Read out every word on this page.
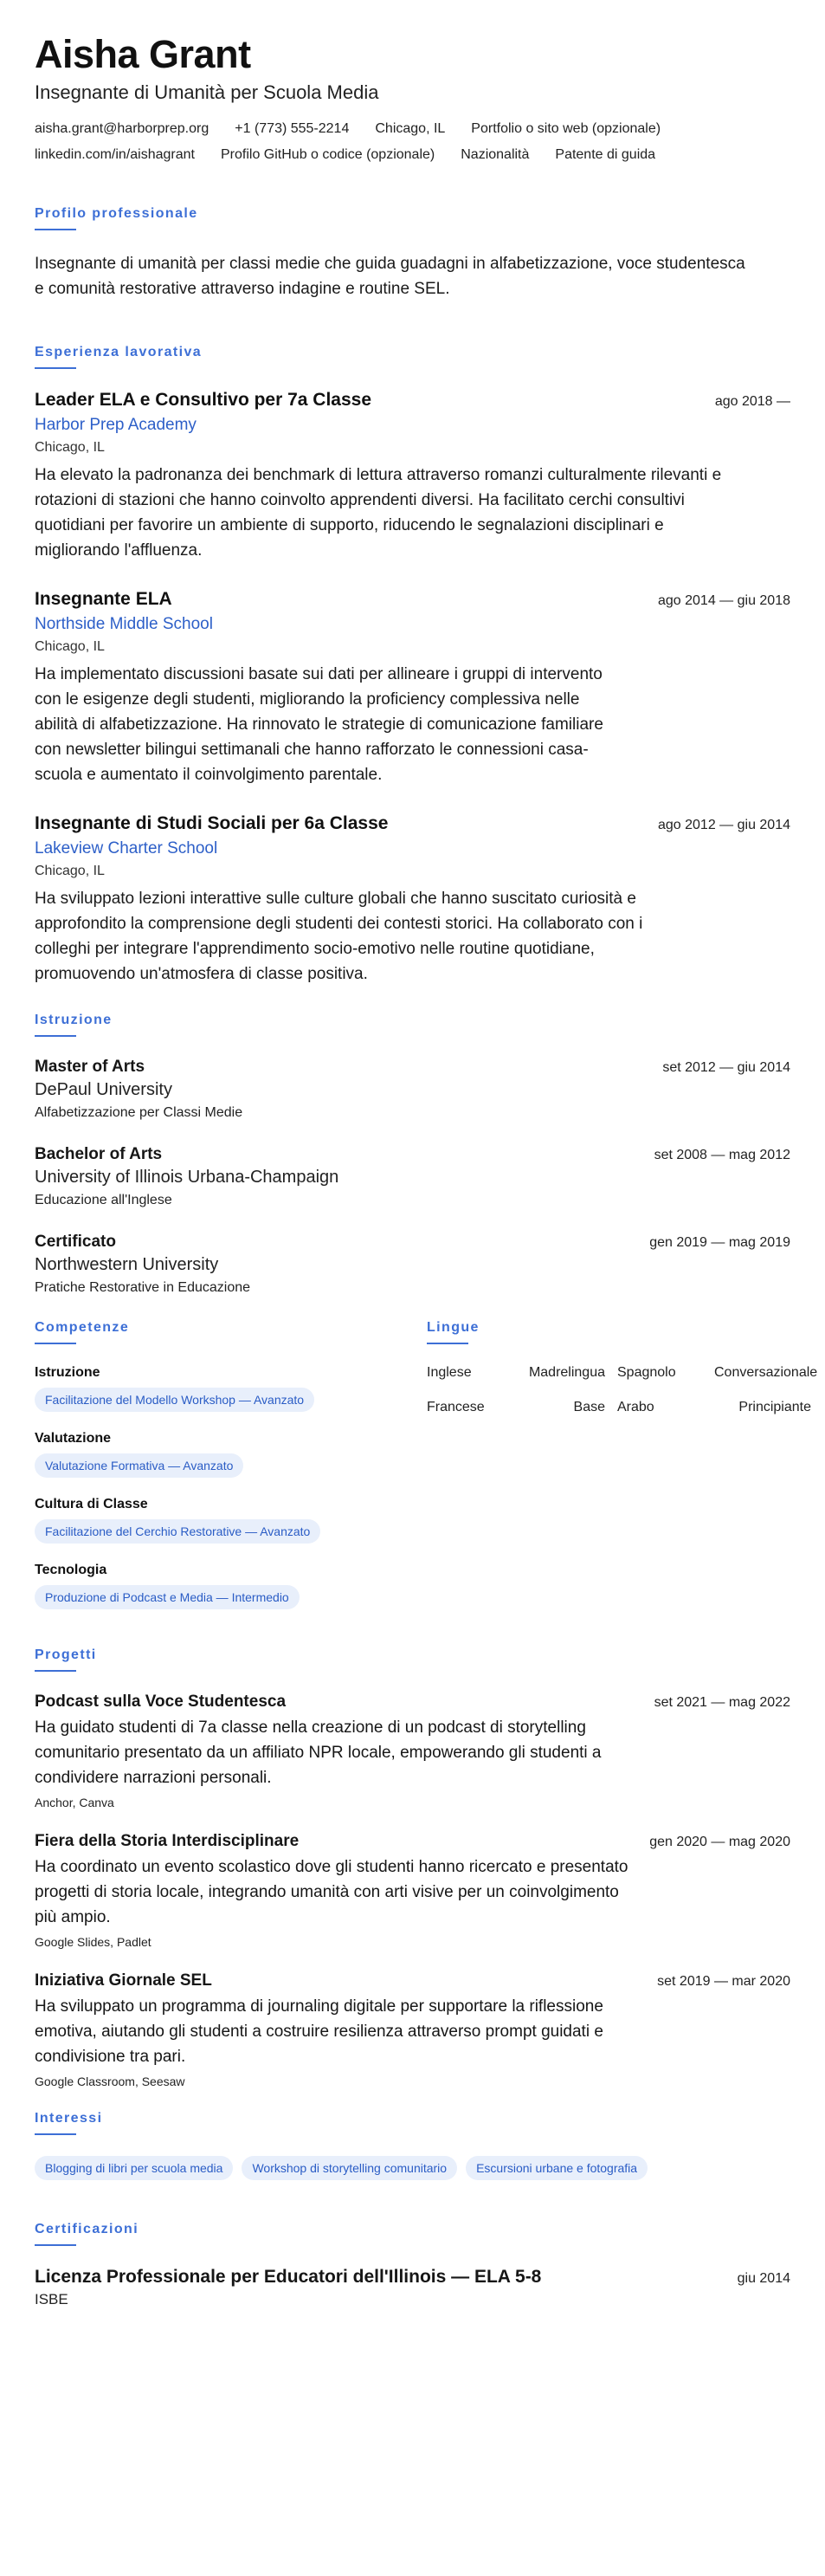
Aisha Grant
Insegnante di Umanità per Scuola Media
aisha.grant@harborprep.org +1 (773) 555-2214 Chicago, IL Portfolio o sito web (opzionale)
linkedin.com/in/aishagrant Profilo GitHub o codice (opzionale) Nazionalità Patente di guida
Profilo professionale

Insegnante di umanità per classi medie che guida guadagni in alfabetizzazione, voce studentesca e comunità restorative attraverso indagine e routine SEL.

Esperienza lavorativa
Leader ELA e Consultivo per 7a Classe	ago 2018 —
Harbor Prep Academy
Chicago, IL

Ha elevato la padronanza dei benchmark di lettura attraverso romanzi culturalmente rilevanti e rotazioni di stazioni che hanno coinvolto apprendenti diversi. Ha facilitato cerchi consultivi quotidiani per favorire un ambiente di supporto, riducendo le segnalazioni disciplinari e migliorando l'affluenza.

Insegnante ELA	ago 2014 — giu 2018
Northside Middle School
Chicago, IL

Ha implementato discussioni basate sui dati per allineare i gruppi di intervento con le esigenze degli studenti, migliorando la proficiency complessiva nelle abilità di alfabetizzazione. Ha rinnovato le strategie di comunicazione familiare con newsletter bilingui settimanali che hanno rafforzato le connessioni casa-scuola e aumentato il coinvolgimento parentale.

Insegnante di Studi Sociali per 6a Classe	ago 2012 — giu 2014
Lakeview Charter School
Chicago, IL

Ha sviluppato lezioni interattive sulle culture globali che hanno suscitato curiosità e approfondito la comprensione degli studenti dei contesti storici. Ha collaborato con i colleghi per integrare l'apprendimento socio-emotivo nelle routine quotidiane, promuovendo un'atmosfera di classe positiva.

Istruzione
Master of Arts	set 2012 — giu 2014
DePaul University
Alfabetizzazione per Classi Medie
Bachelor of Arts	set 2008 — mag 2012
University of Illinois Urbana-Champaign
Educazione all'Inglese
Certificato	gen 2019 — mag 2019
Northwestern University
Pratiche Restorative in Educazione
Competenze
Istruzione
Facilitazione del Modello Workshop — Avanzato
Valutazione
Valutazione Formativa — Avanzato
Cultura di Classe
Facilitazione del Cerchio Restorative — Avanzato
Tecnologia
Produzione di Podcast e Media — Intermedio
Lingue
Inglese	Madrelingua Spagnolo	Conversazionale
Francese	Base Arabo	Principiante
Progetti
Podcast sulla Voce Studentesca	set 2021 — mag 2022

Ha guidato studenti di 7a classe nella creazione di un podcast di storytelling comunitario presentato da un affiliato NPR locale, empowerando gli studenti a condividere narrazioni personali.

Anchor, Canva
Fiera della Storia Interdisciplinare	gen 2020 — mag 2020

Ha coordinato un evento scolastico dove gli studenti hanno ricercato e presentato progetti di storia locale, integrando umanità con arti visive per un coinvolgimento più ampio.

Google Slides, Padlet
Iniziativa Giornale SEL	set 2019 — mar 2020

Ha sviluppato un programma di journaling digitale per supportare la riflessione emotiva, aiutando gli studenti a costruire resilienza attraverso prompt guidati e condivisione tra pari.

Google Classroom, Seesaw
Interessi
Blogging di libri per scuola media	Workshop di storytelling comunitario	Escursioni urbane e fotografia
Certificazioni
Licenza Professionale per Educatori dell'Illinois — ELA 5-8	giu 2014
ISBE
